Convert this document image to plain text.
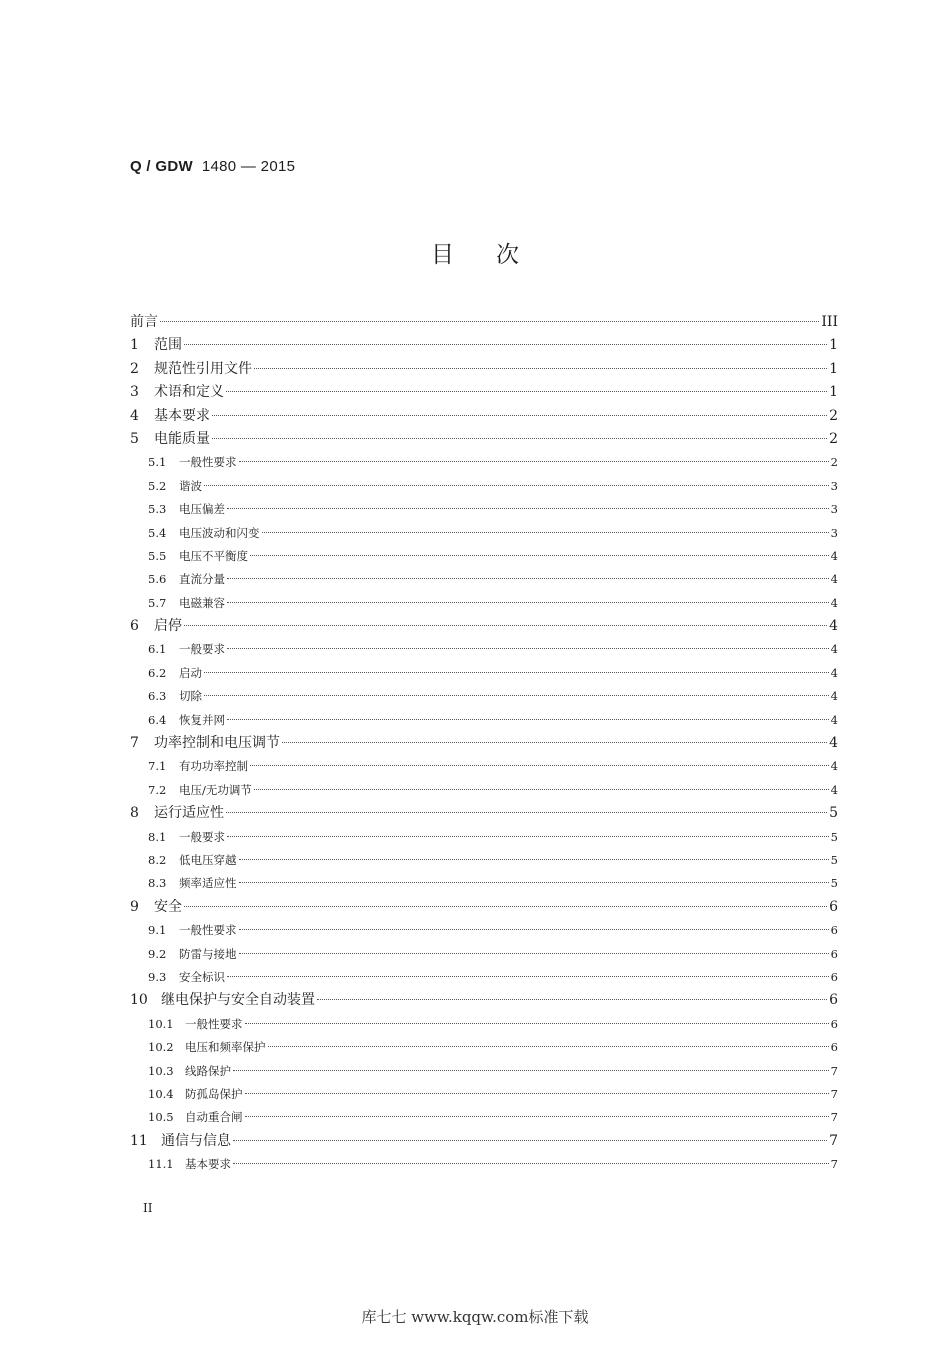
Q / GDW 1480 — 2015
目次
前言	III
1	范围	1
2	规范性引用文件	1
3	术语和定义	1
4	基本要求	2
5	电能质量	2
5.1	一般性要求	2
5.2	谐波	3
5.3	电压偏差	3
5.4	电压波动和闪变	3
5.5	电压不平衡度	4
5.6	直流分量	4
5.7	电磁兼容	4
6	启停	4
6.1	一般要求	4
6.2	启动	4
6.3	切除	4
6.4	恢复并网	4
7	功率控制和电压调节	4
7.1	有功功率控制	4
7.2	电压/无功调节	4
8	运行适应性	5
8.1	一般要求	5
8.2	低电压穿越	5
8.3	频率适应性	5
9	安全	6
9.1	一般性要求	6
9.2	防雷与接地	6
9.3	安全标识	6
10 继电保护与安全自动装置	6
10.1 一般性要求	6
10.2 电压和频率保护	6
10.3 线路保护	7
10.4 防孤岛保护	7
10.5 自动重合闸	7
11 通信与信息	7
11.1 基本要求	7
II
库七七 www.kqqw.com标准下载
